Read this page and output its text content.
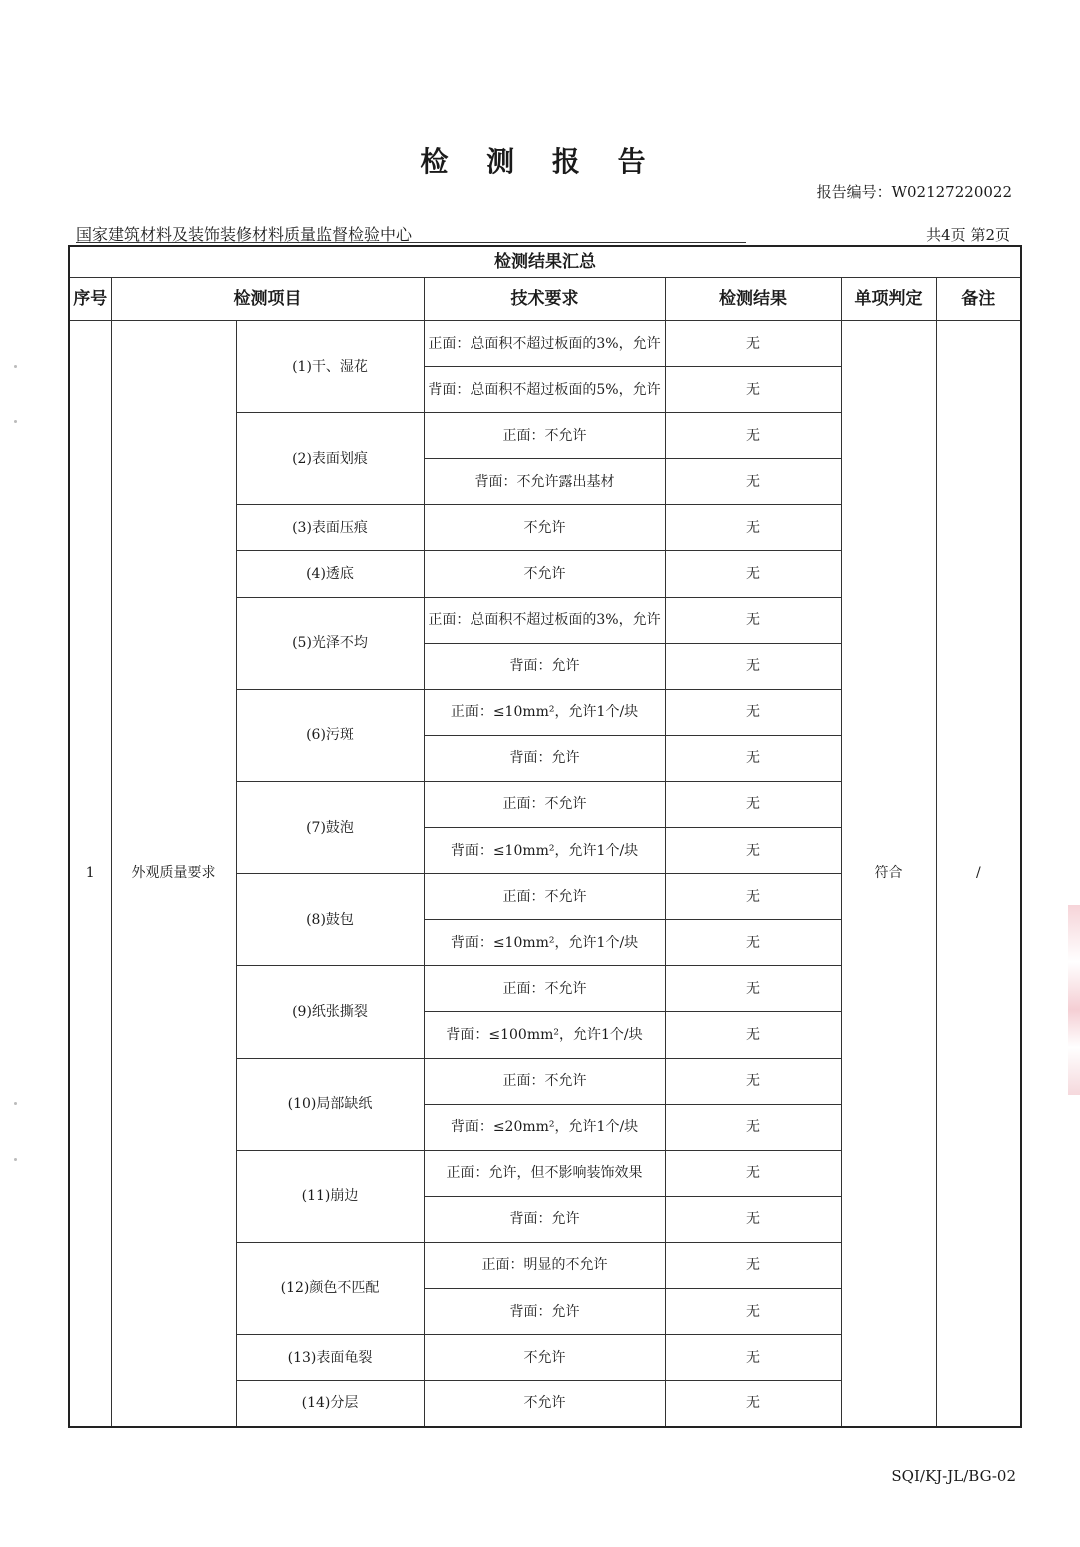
检 测 报 告
报告编号：W02127220022
国家建筑材料及装饰装修材料质量监督检验中心	共4页 第2页
检测结果汇总						
序号	检测项目		技术要求	检测结果	单项判定	备注
1	外观质量要求	(1)干、湿花	正面：总面积不超过板面的3%，允许	无	符合	/
			背面：总面积不超过板面的5%，允许	无		
		(2)表面划痕	正面：不允许	无		
			背面：不允许露出基材	无		
		(3)表面压痕	不允许	无		
		(4)透底	不允许	无		
		(5)光泽不均	正面：总面积不超过板面的3%，允许	无		
			背面：允许	无		
		(6)污斑	正面：≤10mm²，允许1个/块	无		
			背面：允许	无		
		(7)鼓泡	正面：不允许	无		
			背面：≤10mm²，允许1个/块	无		
		(8)鼓包	正面：不允许	无		
			背面：≤10mm²，允许1个/块	无		
		(9)纸张撕裂	正面：不允许	无		
			背面：≤100mm²，允许1个/块	无		
		(10)局部缺纸	正面：不允许	无		
			背面：≤20mm²，允许1个/块	无		
		(11)崩边	正面：允许，但不影响装饰效果	无		
			背面：允许	无		
		(12)颜色不匹配	正面：明显的不允许	无		
			背面：允许	无		
		(13)表面龟裂	不允许	无		
		(14)分层	不允许	无		
SQI/KJ-JL/BG-02
